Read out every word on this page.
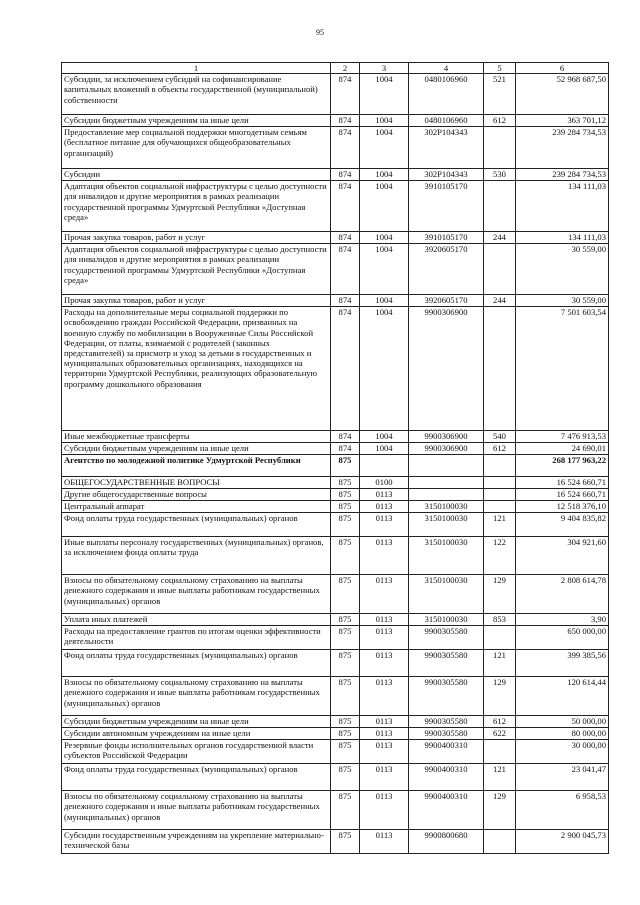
95
1	2	3	4	5	6
Субсидии, за исключением субсидий на софинансирование капитальных вложений в объекты государственной (муниципальной) собственности	874	1004	0480106960	521	52 968 687,50
Субсидии бюджетным учреждениям на иные цели	874	1004	0480106960	612	363 701,12
Предоставление мер социальной поддержки многодетным семьям (бесплатное питание для обучающихся общеобразовательных организаций)	874	1004	302Р104343		239 284 734,53
Субсидии	874	1004	302Р104343	530	239 284 734,53
Адаптация объектов социальной инфраструктуры с целью доступности для инвалидов и другие мероприятия в рамках реализации государственной программы Удмуртской Республики «Доступная среда»	874	1004	3910105170		134 111,03
Прочая закупка товаров, работ и услуг	874	1004	3910105170	244	134 111,03
Адаптация объектов социальной инфраструктуры с целью доступности для инвалидов и другие мероприятия в рамках реализации государственной программы Удмуртской Республики «Доступная среда»	874	1004	3920605170		30 559,00
Прочая закупка товаров, работ и услуг	874	1004	3920605170	244	30 559,00
Расходы на дополнительные меры социальной поддержки по освобождению граждан Российской Федерации, призванных на военную службу по мобилизации в Вооруженные Силы Российской Федерации, от платы, взимаемой с родителей (законных представителей) за присмотр и уход за детьми в государственных и муниципальных образовательных организациях, находящихся на территории Удмуртской Республики, реализующих образовательную программу дошкольного образования	874	1004	9900306900		7 501 603,54
Иные межбюджетные трансферты	874	1004	9900306900	540	7 476 913,53
Субсидии бюджетным учреждениям на иные цели	874	1004	9900306900	612	24 690,01
Агентство по молодежной политике Удмуртской Республики	875				268 177 963,22
ОБЩЕГОСУДАРСТВЕННЫЕ ВОПРОСЫ	875	0100			16 524 660,71
Другие общегосударственные вопросы	875	0113			16 524 660,71
Центральный аппарат	875	0113	3150100030		12 518 376,10
Фонд оплаты труда государственных (муниципальных) органов	875	0113	3150100030	121	9 404 835,82
Иные выплаты персоналу государственных (муниципальных) органов, за исключением фонда оплаты труда	875	0113	3150100030	122	304 921,60
Взносы по обязательному социальному страхованию на выплаты денежного содержания и иные выплаты работникам государственных (муниципальных) органов	875	0113	3150100030	129	2 808 614,78
Уплата иных платежей	875	0113	3150100030	853	3,90
Расходы на предоставление грантов по итогам оценки эффективности деятельности	875	0113	9900305580		650 000,00
Фонд оплаты труда государственных (муниципальных) органов	875	0113	9900305580	121	399 385,56
Взносы по обязательному социальному страхованию на выплаты денежного содержания и иные выплаты работникам государственных (муниципальных) органов	875	0113	9900305580	129	120 614,44
Субсидии бюджетным учреждениям на иные цели	875	0113	9900305580	612	50 000,00
Субсидии автономным учреждениям на иные цели	875	0113	9900305580	622	80 000,00
Резервные фонды исполнительных органов государственной власти субъектов Российской Федерации	875	0113	9900400310		30 000,00
Фонд оплаты труда государственных (муниципальных) органов	875	0113	9900400310	121	23 041,47
Взносы по обязательному социальному страхованию на выплаты денежного содержания и иные выплаты работникам государственных (муниципальных) органов	875	0113	9900400310	129	6 958,53
Субсидии государственным учреждениям на укрепление материально-технической базы	875	0113	9900800680		2 900 045,73
